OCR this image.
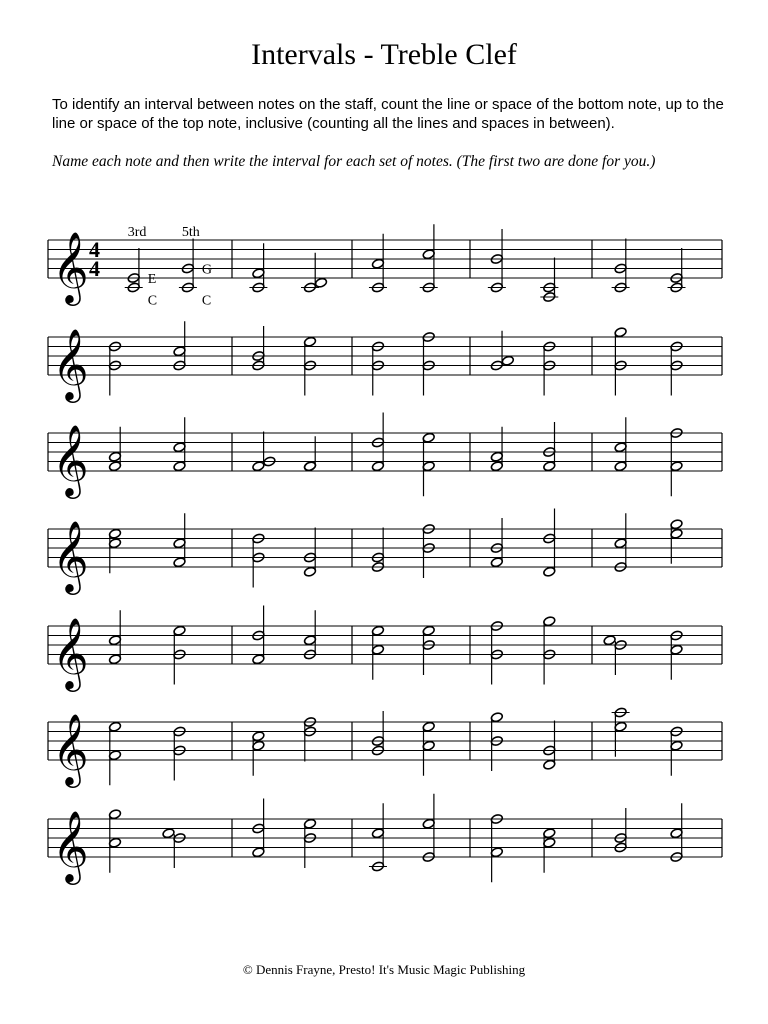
Intervals - Treble Clef
To identify an interval between notes on the staff, count the line or space of the bottom note, up to the line or space of the top note, inclusive (counting all the lines and spaces in between).
Name each note and then write the interval for each set of notes. (The first two are done for you.)
𝄞 4
4
3rd
E
C
5th
G
C
𝄞
𝄞
𝄞
𝄞
𝄞
𝄞
© Dennis Frayne, Presto! It's Music Magic Publishing
